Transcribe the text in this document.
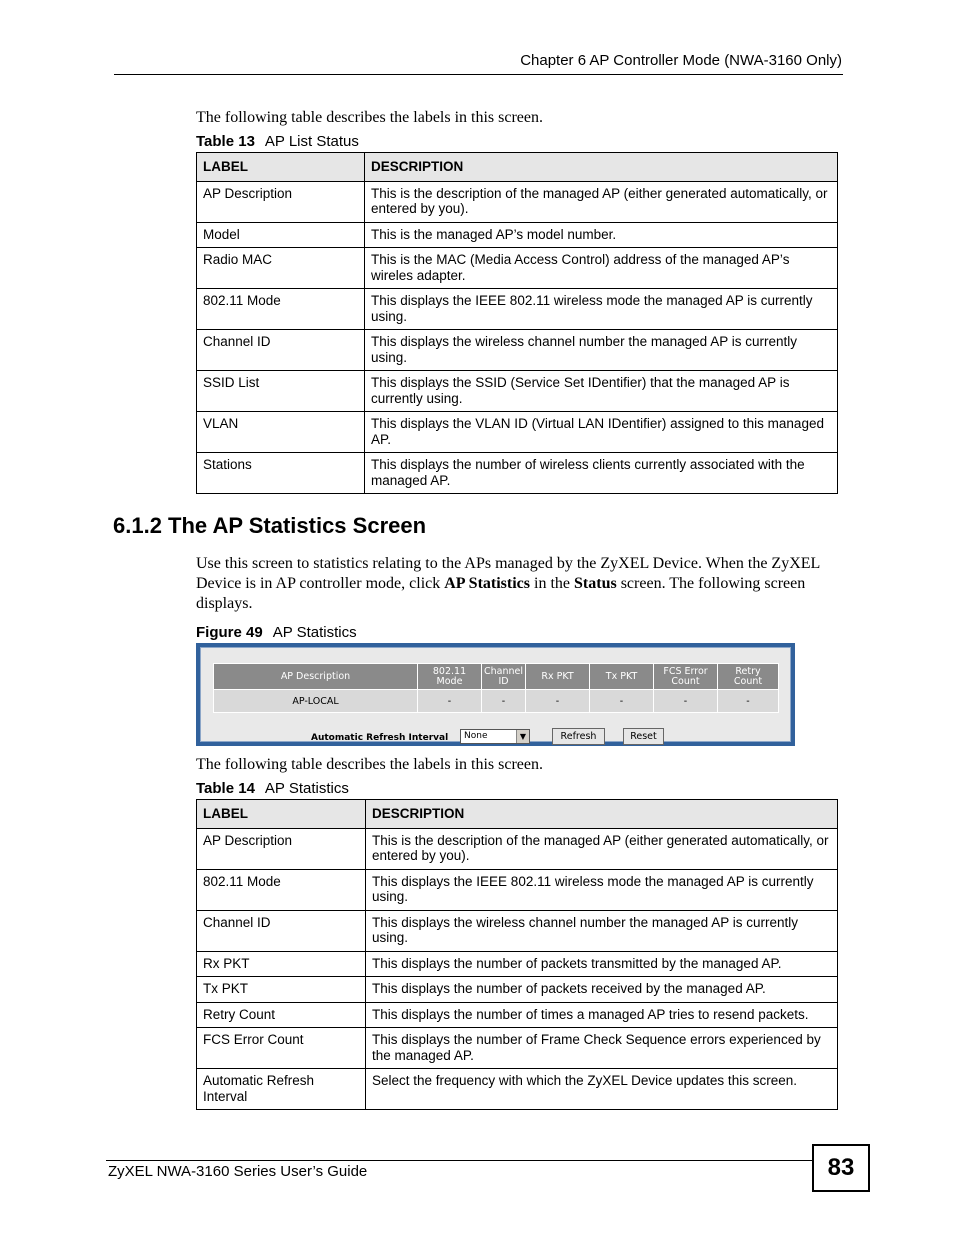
Chapter 6 AP Controller Mode (NWA-3160 Only)
The following table describes the labels in this screen.
Table 13 AP List Status
LABEL	DESCRIPTION
AP Description	This is the description of the managed AP (either generated automatically, or entered by you).
Model	This is the managed AP’s model number.
Radio MAC	This is the MAC (Media Access Control) address of the managed AP’s wireles adapter.
802.11 Mode	This displays the IEEE 802.11 wireless mode the managed AP is currently using.
Channel ID	This displays the wireless channel number the managed AP is currently using.
SSID List	This displays the SSID (Service Set IDentifier) that the managed AP is currently using.
VLAN	This displays the VLAN ID (Virtual LAN IDentifier) assigned to this managed AP.
Stations	This displays the number of wireless clients currently associated with the managed AP.
6.1.2 The AP Statistics Screen
Use this screen to statistics relating to the APs managed by the ZyXEL Device. When the ZyXEL Device is in AP controller mode, click AP Statistics in the Status screen. The following screen displays.
Figure 49 AP Statistics
AP Description	802.11 Mode	Channel ID	Rx PKT	Tx PKT	FCS Error Count	Retry Count
AP-LOCAL	-	-	-	-	-	-
Automatic Refresh Interval	None	▼	Refresh	Reset
The following table describes the labels in this screen.
Table 14 AP Statistics
LABEL	DESCRIPTION
AP Description	This is the description of the managed AP (either generated automatically, or entered by you).
802.11 Mode	This displays the IEEE 802.11 wireless mode the managed AP is currently using.
Channel ID	This displays the wireless channel number the managed AP is currently using.
Rx PKT	This displays the number of packets transmitted by the managed AP.
Tx PKT	This displays the number of packets received by the managed AP.
Retry Count	This displays the number of times a managed AP tries to resend packets.
FCS Error Count	This displays the number of Frame Check Sequence errors experienced by the managed AP.
Automatic Refresh Interval	Select the frequency with which the ZyXEL Device updates this screen.
ZyXEL NWA-3160 Series User’s Guide	83
